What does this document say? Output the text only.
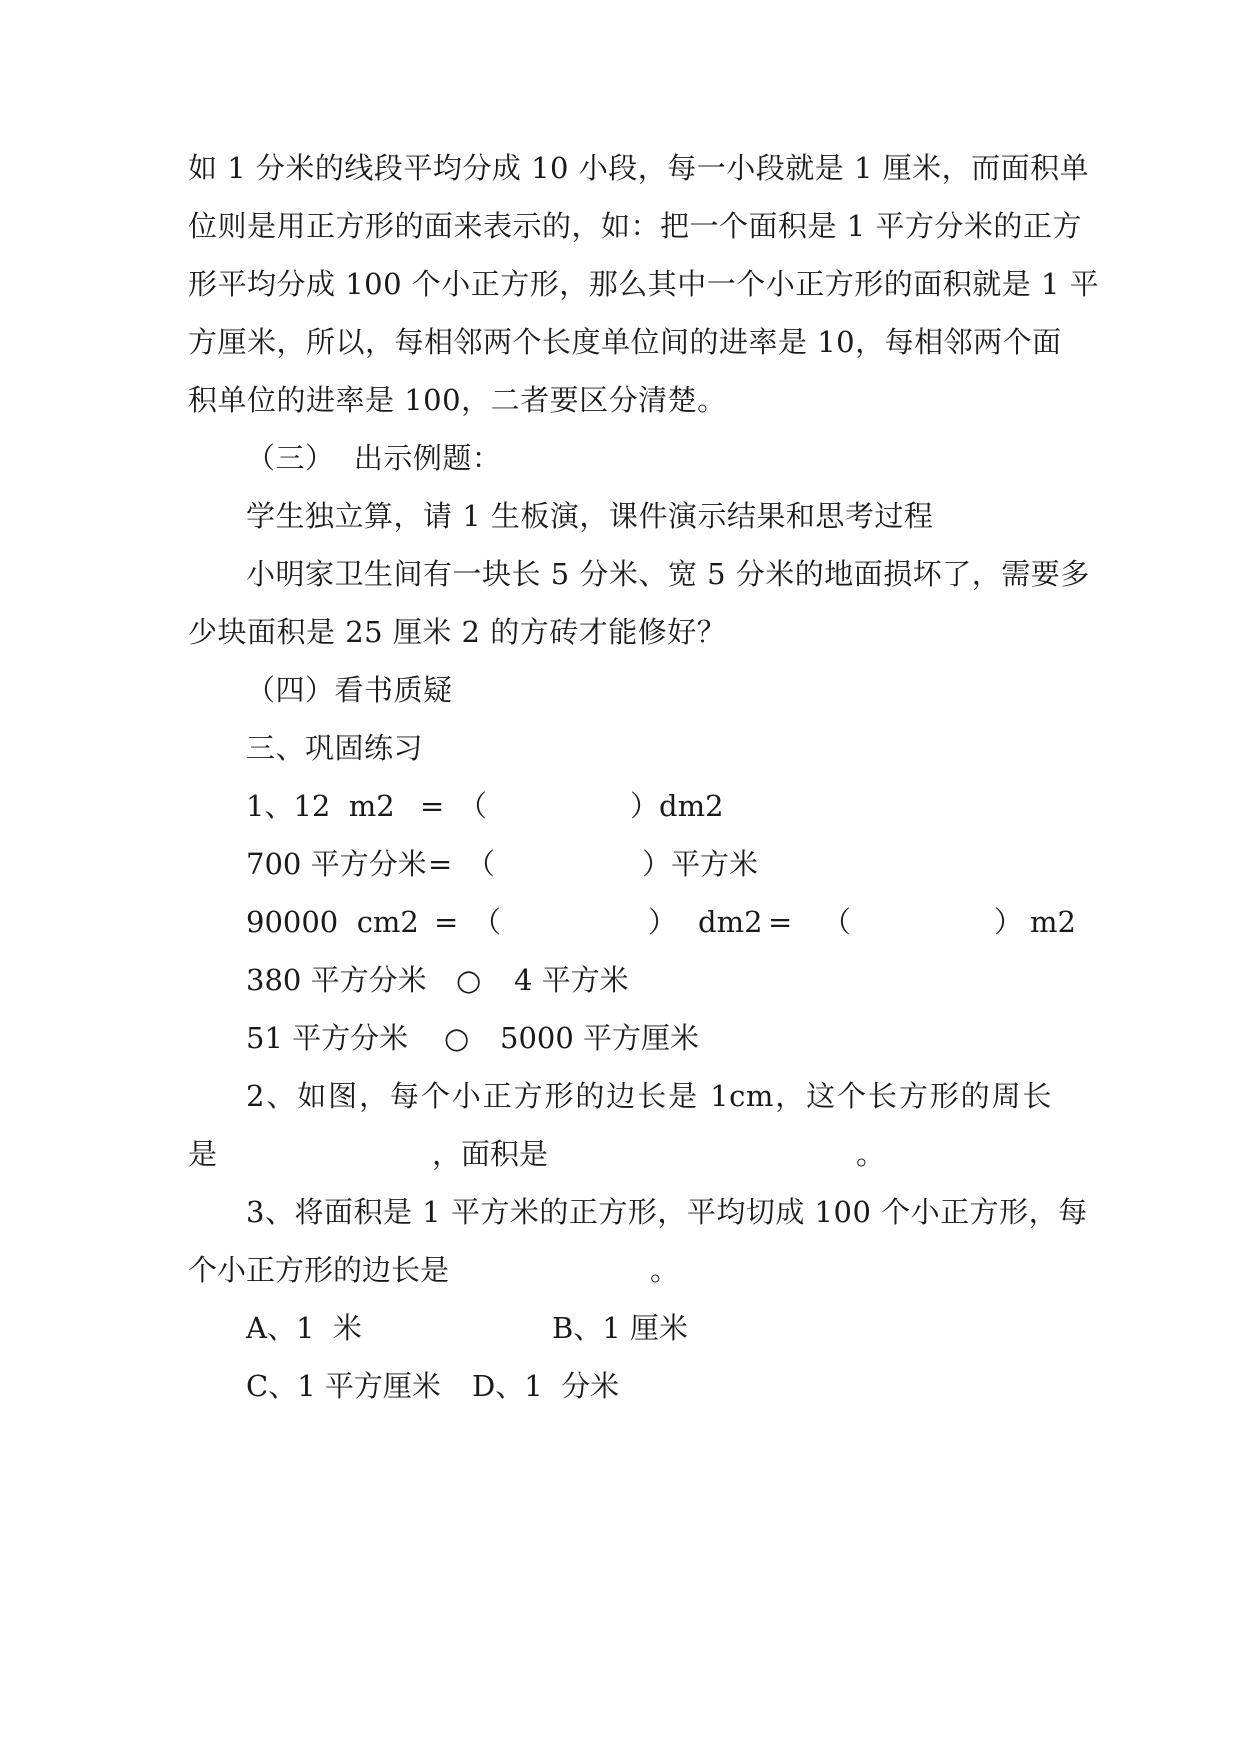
如 1 分米的线段平均分成 10 小段，每一小段就是 1 厘米，而面积单
位则是用正方形的面来表示的，如：把一个面积是 1 平方分米的正方
形平均分成 100 个小正方形，那么其中一个小正方形的面积就是 1 平
方厘米，所以，每相邻两个长度单位间的进率是 10，每相邻两个面
积单位的进率是 100，二者要区分清楚。
（三）  出示例题：
学生独立算，请 1 生板演，课件演示结果和思考过程
小明家卫生间有一块长 5 分米、宽 5 分米的地面损坏了，需要多
少块面积是 25 厘米 2 的方砖才能修好？
（四）看书质疑
三、巩固练习
1、12  m2 = （	）dm2
700 平方分米 = （	）平方米
90000  cm2 = （	） dm2 = （	） m2
380 平方分米 ○ 4 平方米
51 平方分米 ○ 5000 平方厘米
2、如图，每个小正方形的边长是 1cm，这个长方形的周长
是	，面积是	。
3、将面积是 1 平方米的正方形，平均切成 100 个小正方形，每
个小正方形的边长是	。
A、1  米	B、1 厘米
C、1 平方厘米 D、1  分米
